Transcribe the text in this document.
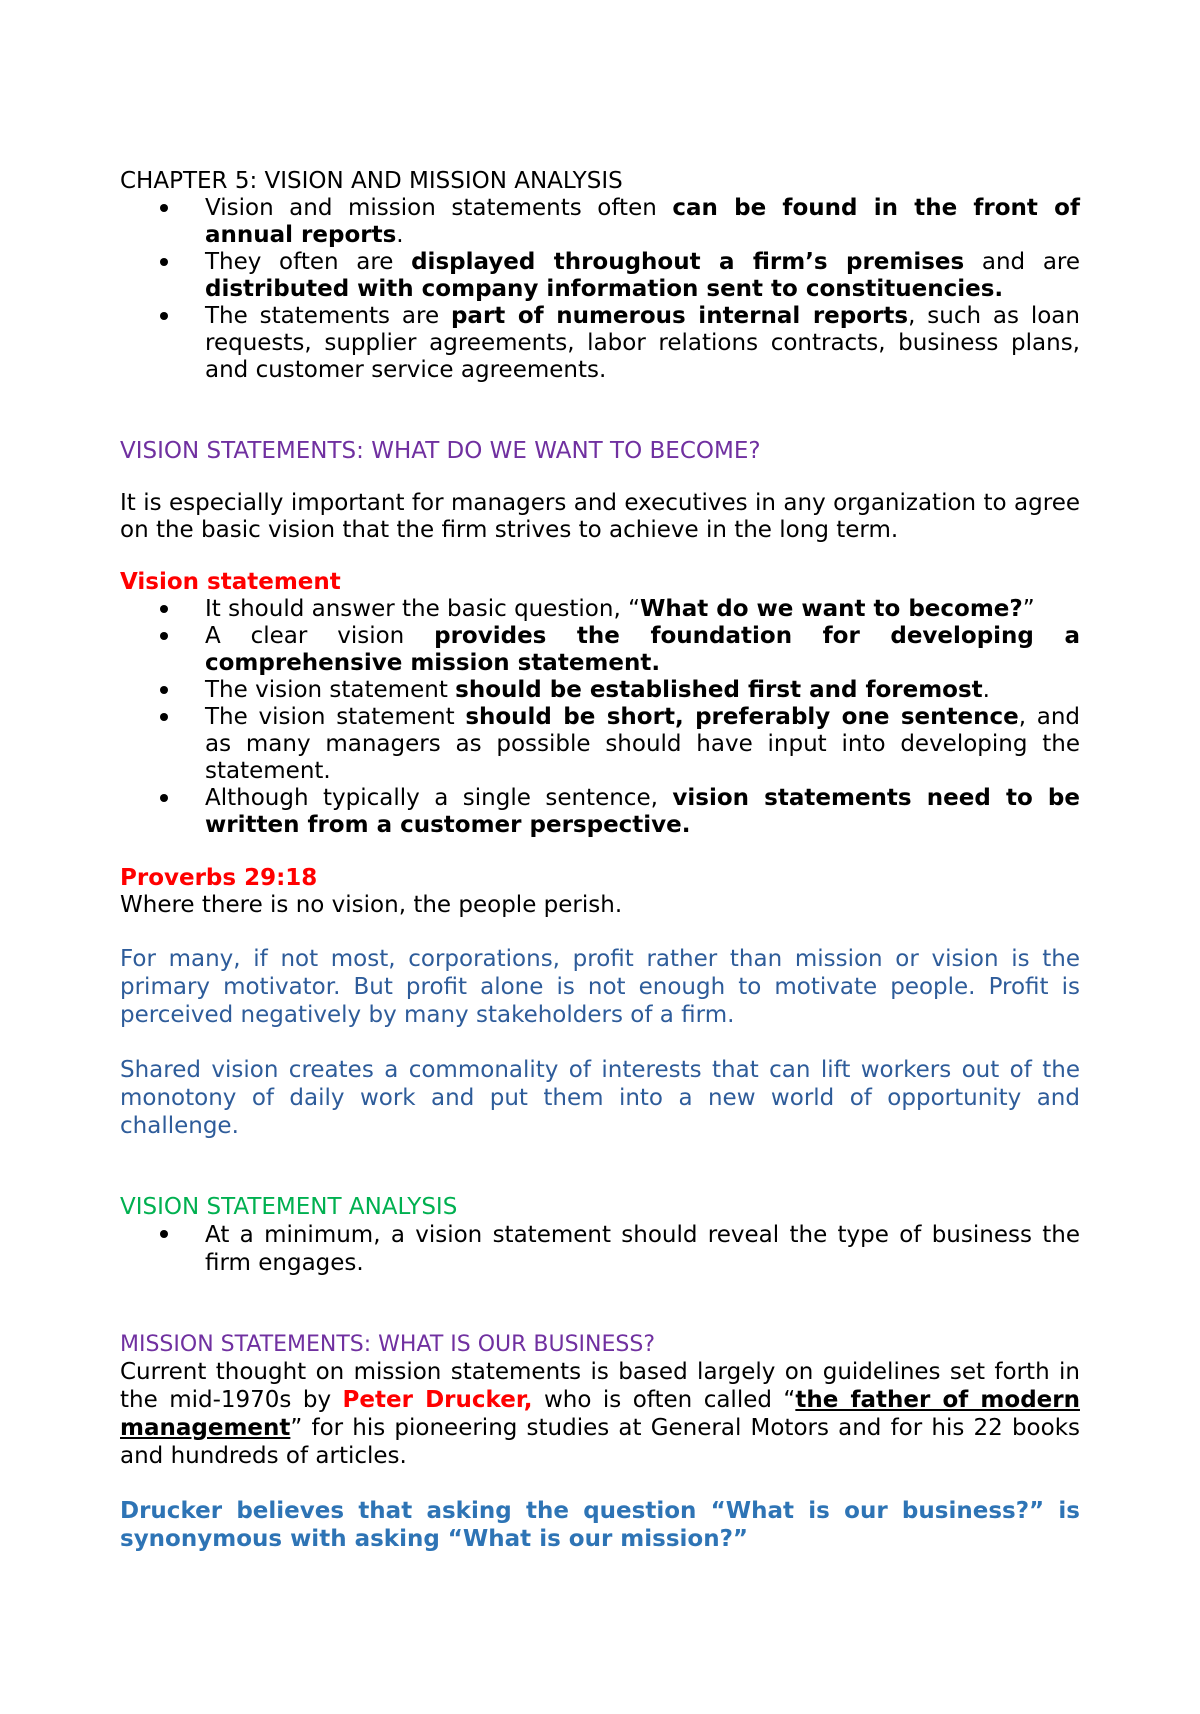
CHAPTER 5: VISION AND MISSION ANALYSIS

Vision and mission statements often can be found in the front of annual reports.
They often are displayed throughout a firm’s premises and are distributed with company information sent to constituencies.
The statements are part of numerous internal reports, such as loan requests, supplier agreements, labor relations contracts, business plans, and customer service agreements.

VISION STATEMENTS: WHAT DO WE WANT TO BECOME?

It is especially important for managers and executives in any organization to agree on the basic vision that the firm strives to achieve in the long term.

Vision statement

It should answer the basic question, “What do we want to become?”
A clear vision provides the foundation for developing a comprehensive mission statement.
The vision statement should be established first and foremost.
The vision statement should be short, preferably one sentence, and as many managers as possible should have input into developing the statement.
Although typically a single sentence, vision statements need to be written from a customer perspective.

Proverbs 29:18

Where there is no vision, the people perish.

For many, if not most, corporations, profit rather than mission or vision is the primary motivator. But profit alone is not enough to motivate people. Profit is perceived negatively by many stakeholders of a firm.

Shared vision creates a commonality of interests that can lift workers out of the monotony of daily work and put them into a new world of opportunity and challenge.

VISION STATEMENT ANALYSIS

At a minimum, a vision statement should reveal the type of business the firm engages.

MISSION STATEMENTS: WHAT IS OUR BUSINESS?

Current thought on mission statements is based largely on guidelines set forth in the mid-1970s by Peter Drucker, who is often called “the father of modern management” for his pioneering studies at General Motors and for his 22 books and hundreds of articles.

Drucker believes that asking the question “What is our business?” is synonymous with asking “What is our mission?”
